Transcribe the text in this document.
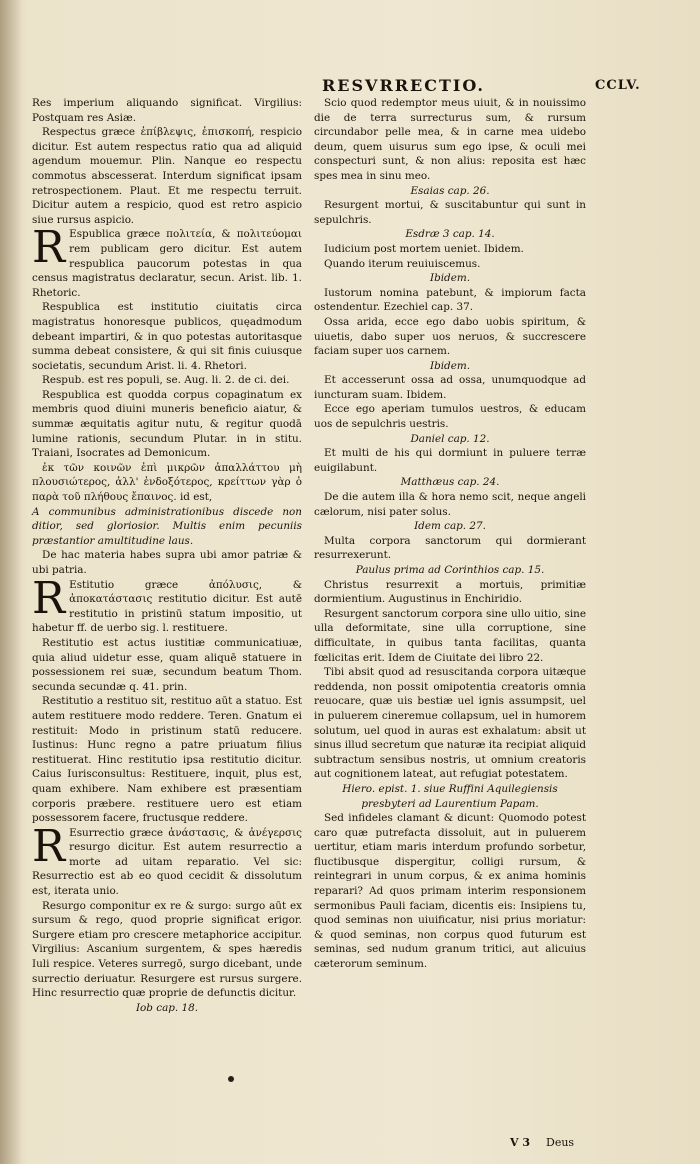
RESVRRECTIO.	CCLV.

Res imperium aliquando significat. Virgilius: Postquam res Asiæ.

Respectus græce ἐπίβλεψις, ἐπισκοπή, respicio dicitur. Est autem respectus ratio qua ad aliquid agendum mouemur. Plin. Nanque eo respectu commotus abscesserat. Interdum significat ipsam retrospectionem. Plaut. Et me respectu terruit. Dicitur autem a respicio, quod est retro aspicio siue rursus aspicio.

R Espublica græce πολιτεία, & πολιτεύομαι rem publicam gero dicitur. Est autem respublica paucorum potestas in qua census magistratus declaratur, secun. Arist. lib. 1. Rhetoric.

Respublica est institutio ciuitatis circa magistratus honoresque publicos, quęadmodum debeant impartiri, & in quo potestas autoritasque summa debeat consistere, & qui sit finis cuiusque societatis, secundum Arist. li. 4. Rhetori.

Respub. est res populi, se. Aug. li. 2. de ci. dei.

Respublica est quodda corpus copaginatum ex membris quod diuini muneris beneficio aiatur, & summæ æquitatis agitur nutu, & regitur quodā lumine rationis, secundum Plutar. in in stitu. Traiani, Isocrates ad Demonicum.

ἐκ τῶν κοινῶν ἐπὶ μικρῶν ἀπαλλάττου μὴ πλουσιώτερος, ἀλλ' ἐνδοξότερος, κρείττων γὰρ ὁ παρὰ τοῦ πλήθους ἔπαινος. id est,

A communibus administrationibus discede non ditior, sed gloriosior. Multis enim pecuniis præstantior amultitudine laus.

De hac materia habes supra ubi amor patriæ & ubi patria.

R Estitutio græce ἀπόλυσις, & ἀποκατάστασις restitutio dicitur. Est autē restitutio in pristinū statum impositio, ut habetur ff. de uerbo sig. l. restituere.

Restitutio est actus iustitiæ communicatiuæ, quia aliud uidetur esse, quam aliquē statuere in possessionem rei suæ, secundum beatum Thom. secunda secundæ q. 41. prin.

Restitutio a restituo sit, restituo aūt a statuo. Est autem restituere modo reddere. Teren. Gnatum ei restituit: Modo in pristinum statū reducere. Iustinus: Hunc regno a patre priuatum filius restituerat. Hinc restitutio ipsa restitutio dicitur. Caius Iurisconsultus: Restituere, inquit, plus est, quam exhibere. Nam exhibere est præsentiam corporis præbere. restituere uero est etiam possessorem facere, fructusque reddere.

R Esurrectio græce ἀνάστασις, & ἀνέγερσις resurgo dicitur. Est autem resurrectio a morte ad uitam reparatio. Vel sic: Resurrectio est ab eo quod cecidit & dissolutum est, iterata unio.

Resurgo componitur ex re & surgo: surgo aūt ex sursum & rego, quod proprie significat erigor. Surgere etiam pro crescere metaphorice accipitur. Virgilius: Ascanium surgentem, & spes hæredis Iuli respice. Veteres surregō, surgo dicebant, unde surrectio deriuatur. Resurgere est rursus surgere. Hinc resurrectio quæ proprie de defunctis dicitur.

Iob cap. 18.

Scio quod redemptor meus uiuit, & in nouissimo die de terra surrecturus sum, & rursum circundabor pelle mea, & in carne mea uidebo deum, quem uisurus sum ego ipse, & oculi mei conspecturi sunt, & non alius: reposita est hæc spes mea in sinu meo.

Esaias cap. 26.

Resurgent mortui, & suscitabuntur qui sunt in sepulchris.

Esdræ 3 cap. 14.

Iudicium post mortem ueniet. Ibidem.

Quando iterum reuiuiscemus.

Ibidem.

Iustorum nomina patebunt, & impiorum facta ostendentur. Ezechiel cap. 37.

Ossa arida, ecce ego dabo uobis spiritum, & uiuetis, dabo super uos neruos, & succrescere faciam super uos carnem.

Ibidem.

Et accesserunt ossa ad ossa, unumquodque ad iuncturam suam. Ibidem.

Ecce ego aperiam tumulos uestros, & educam uos de sepulchris uestris.

Daniel cap. 12.

Et multi de his qui dormiunt in puluere terræ euigilabunt.

Matthæus cap. 24.

De die autem illa & hora nemo scit, neque angeli cælorum, nisi pater solus.

Idem cap. 27.

Multa corpora sanctorum qui dormierant resurrexerunt.

Paulus prima ad Corinthios cap. 15.

Christus resurrexit a mortuis, primitiæ dormientium. Augustinus in Enchiridio.

Resurgent sanctorum corpora sine ullo uitio, sine ulla deformitate, sine ulla corruptione, sine difficultate, in quibus tanta facilitas, quanta fœlicitas erit. Idem de Ciuitate dei libro 22.

Tibi absit quod ad resuscitanda corpora uitæque reddenda, non possit omipotentia creatoris omnia reuocare, quæ uis bestiæ uel ignis assumpsit, uel in puluerem cineremue collapsum, uel in humorem solutum, uel quod in auras est exhalatum: absit ut sinus illud secretum que naturæ ita recipiat aliquid subtractum sensibus nostris, ut omnium creatoris aut cognitionem lateat, aut refugiat potestatem.

Hiero. epist. 1. siue Ruffini Aquilegiensis presbyteri ad Laurentium Papam.

Sed infideles clamant & dicunt: Quomodo potest caro quæ putrefacta dissoluit, aut in puluerem uertitur, etiam maris interdum profundo sorbetur, fluctibusque dispergitur, colligi rursum, & reintegrari in unum corpus, & ex anima hominis reparari? Ad quos primam interim responsionem sermonibus Pauli faciam, dicentis eis: Insipiens tu, quod seminas non uiuificatur, nisi prius moriatur: & quod seminas, non corpus quod futurum est seminas, sed nudum granum tritici, aut alicuius cæterorum seminum.

V 3 Deus
